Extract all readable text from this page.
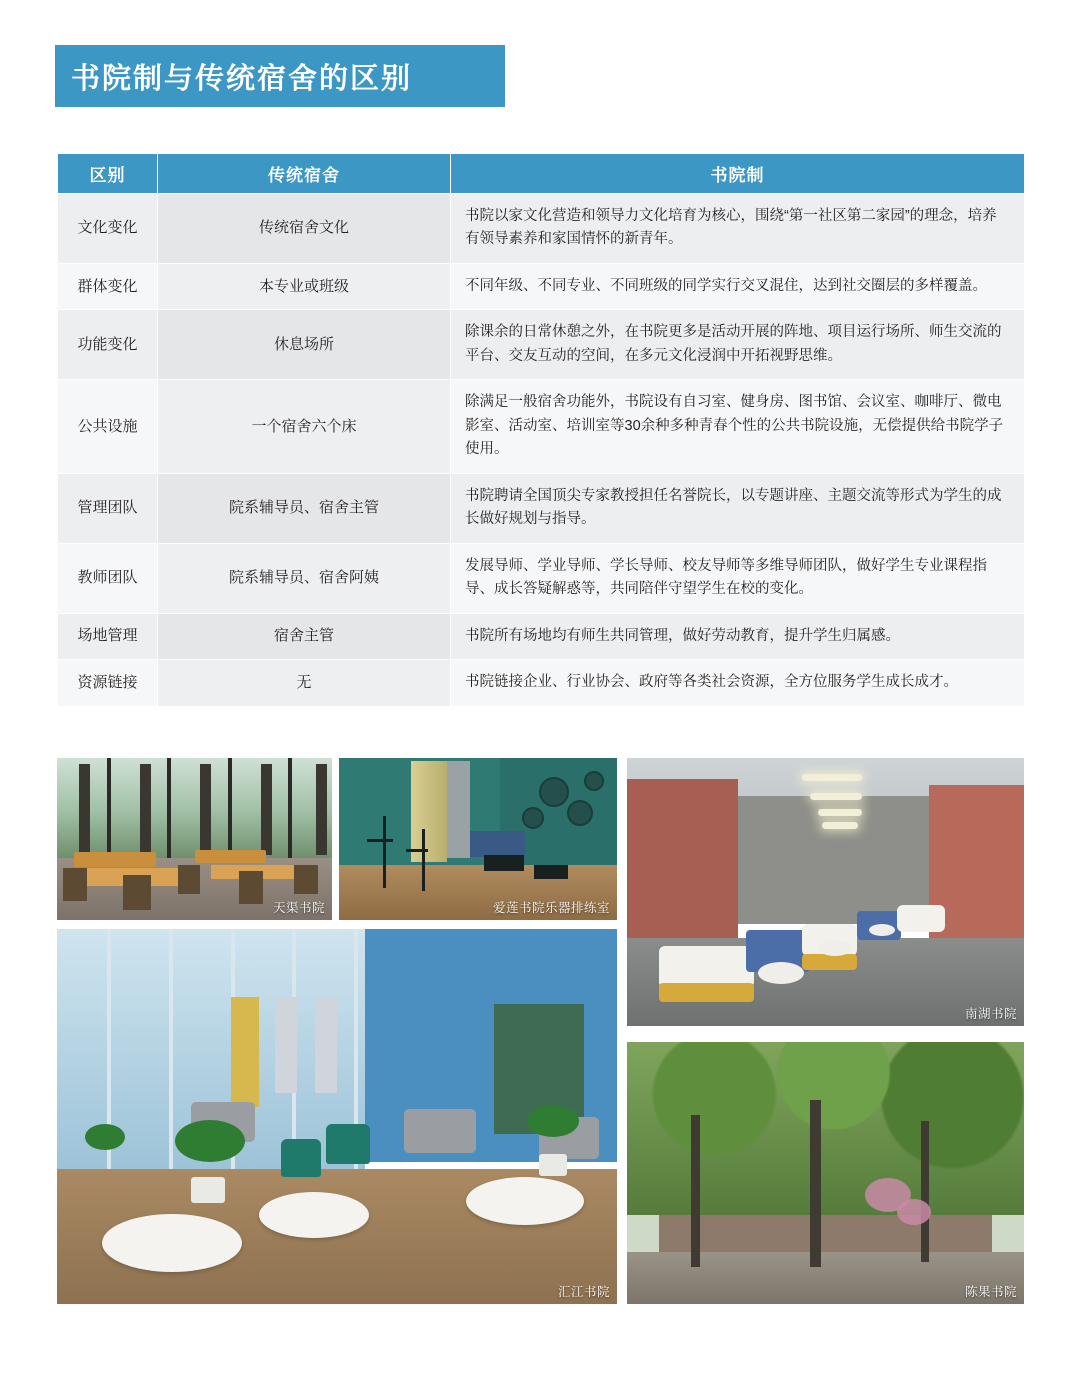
书院制与传统宿舍的区别
区别	传统宿舍	书院制
文化变化	传统宿舍文化	书院以家文化营造和领导力文化培育为核心，围绕“第一社区第二家园”的理念，培养有领导素养和家国情怀的新青年。
群体变化	本专业或班级	不同年级、不同专业、不同班级的同学实行交叉混住，达到社交圈层的多样覆盖。
功能变化	休息场所	除课余的日常休憩之外，在书院更多是活动开展的阵地、项目运行场所、师生交流的平台、交友互动的空间，在多元文化浸润中开拓视野思维。
公共设施	一个宿舍六个床	除满足一般宿舍功能外，书院设有自习室、健身房、图书馆、会议室、咖啡厅、微电影室、活动室、培训室等30余种多种青春个性的公共书院设施，无偿提供给书院学子使用。
管理团队	院系辅导员、宿舍主管	书院聘请全国顶尖专家教授担任名誉院长，以专题讲座、主题交流等形式为学生的成长做好规划与指导。
教师团队	院系辅导员、宿舍阿姨	发展导师、学业导师、学长导师、校友导师等多维导师团队，做好学生专业课程指导、成长答疑解惑等，共同陪伴守望学生在校的变化。
场地管理	宿舍主管	书院所有场地均有师生共同管理，做好劳动教育，提升学生归属感。
资源链接	无	书院链接企业、行业协会、政府等各类社会资源，全方位服务学生成长成才。
天渠书院	爱莲书院乐器排练室
南湖书院
汇江书院	陈果书院
